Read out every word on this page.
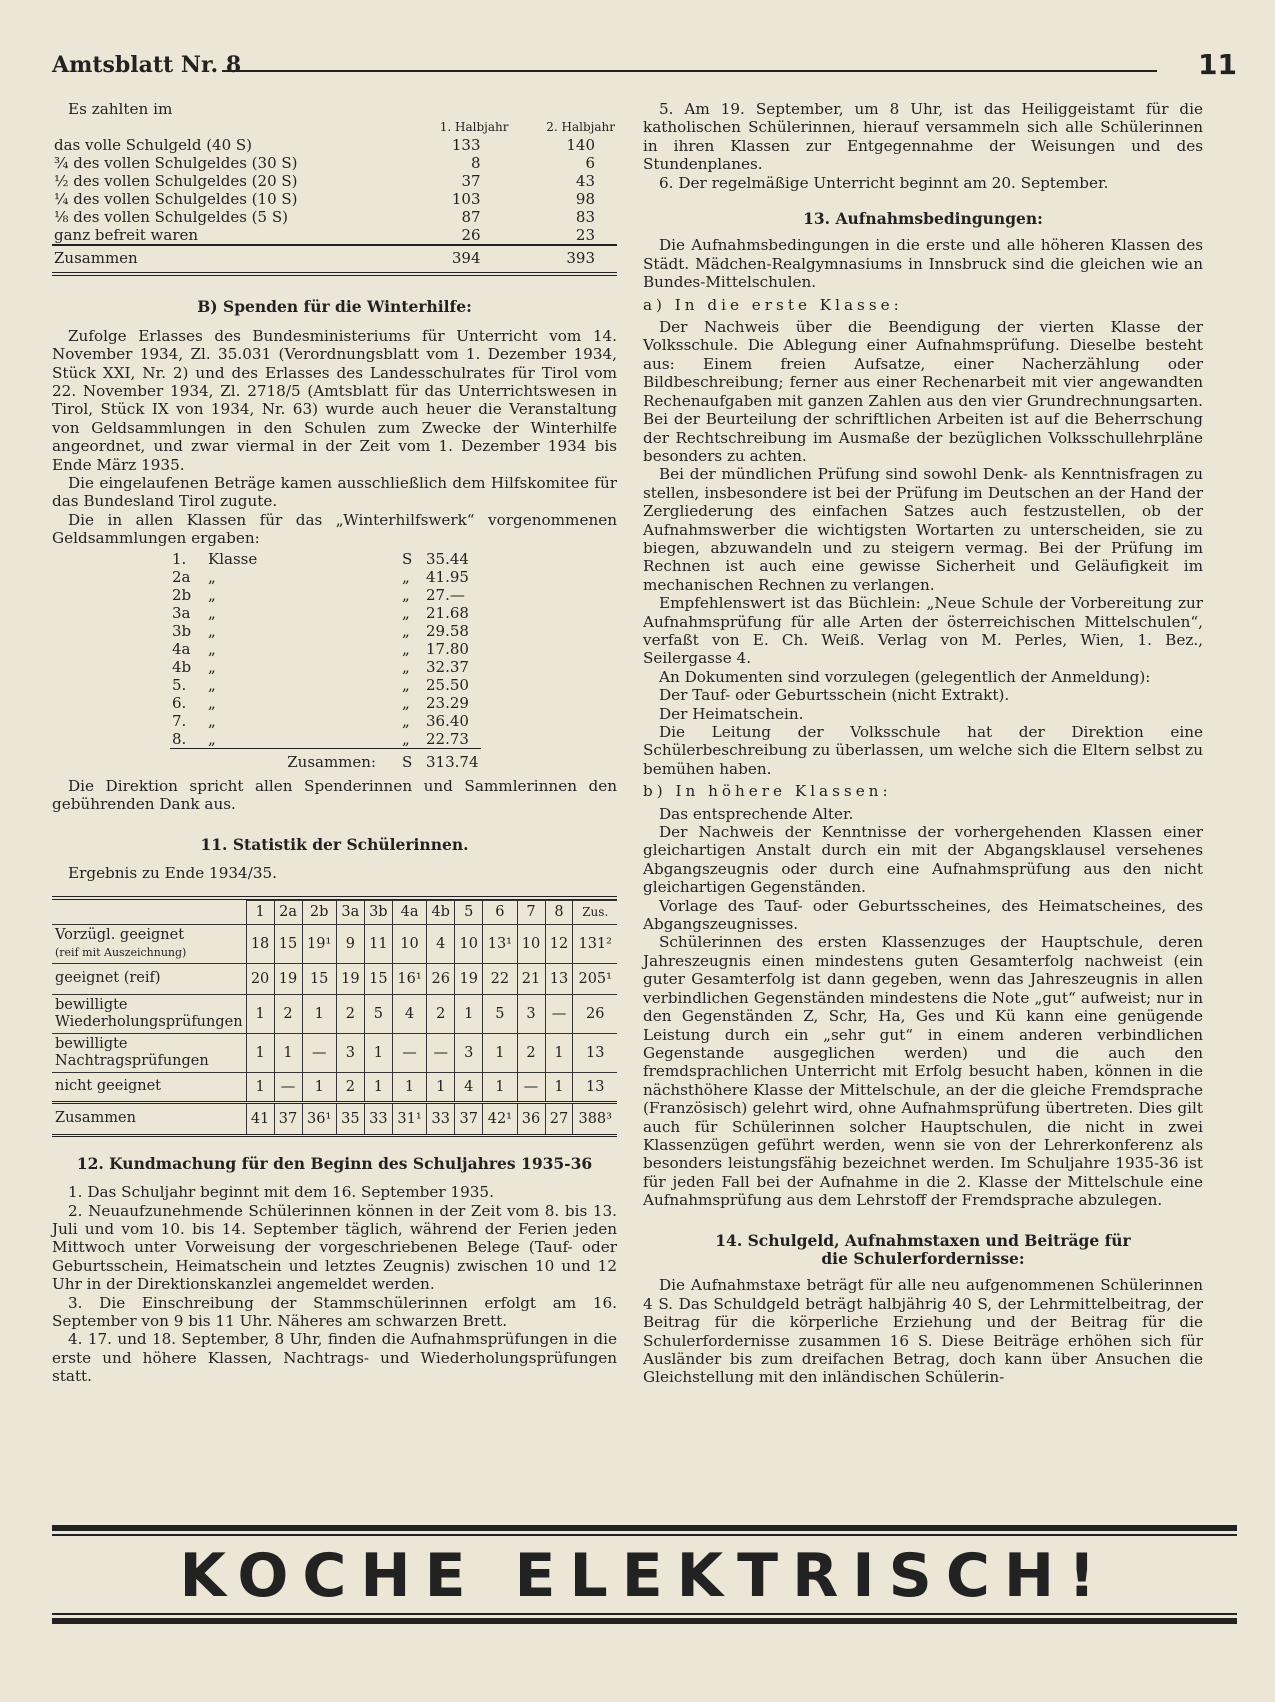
Amtsblatt Nr. 8	11

Es zahlten im

	1. Halbjahr	2. Halbjahr
das volle Schulgeld (40 S)	133	140
¾ des vollen Schulgeldes (30 S)	8	6
½ des vollen Schulgeldes (20 S)	37	43
¼ des vollen Schulgeldes (10 S)	103	98
⅛ des vollen Schulgeldes (5 S)	87	83
ganz befreit waren	26	23
Zusammen	394	393

B) Spenden für die Winterhilfe:

Zufolge Erlasses des Bundesministeriums für Unterricht vom 14. November 1934, Zl. 35.031 (Verordnungsblatt vom 1. Dezember 1934, Stück XXI, Nr. 2) und des Erlasses des Landesschulrates für Tirol vom 22. November 1934, Zl. 2718/5 (Amtsblatt für das Unterrichtswesen in Tirol, Stück IX von 1934, Nr. 63) wurde auch heuer die Veranstaltung von Geldsammlungen in den Schulen zum Zwecke der Winterhilfe angeordnet, und zwar viermal in der Zeit vom 1. Dezember 1934 bis Ende März 1935.

Die eingelaufenen Beträge kamen ausschließlich dem Hilfskomitee für das Bundesland Tirol zugute.

Die in allen Klassen für das „Winterhilfswerk“ vorgenommenen Geldsammlungen ergaben:

1.	Klasse	S	35.44
2a	„	„	41.95
2b	„	„	27.—
3a	„	„	21.68
3b	„	„	29.58
4a	„	„	17.80
4b	„	„	32.37
5.	„	„	25.50
6.	„	„	23.29
7.	„	„	36.40
8.	„	„	22.73
	Zusammen:	S	313.74

Die Direktion spricht allen Spenderinnen und Sammlerinnen den gebührenden Dank aus.

11. Statistik der Schülerinnen.

Ergebnis zu Ende 1934/35.

	1	2a	2b	3a	3b	4a	4b	5	6	7	8	Zus.
Vorzügl. geeignet
(reif mit Auszeichnung)	18	15	19¹	9	11	10	4	10	13¹	10	12	131²
geeignet (reif)	20	19	15	19	15	16¹	26	19	22	21	13	205¹
bewilligte Wiederholungsprüfungen	1	2	1	2	5	4	2	1	5	3	—	26
bewilligte Nachtragsprüfungen	1	1	—	3	1	—	—	3	1	2	1	13
nicht geeignet	1	—	1	2	1	1	1	4	1	—	1	13
Zusammen	41	37	36¹	35	33	31¹	33	37	42¹	36	27	388³

12. Kundmachung für den Beginn des Schuljahres 1935-36

1. Das Schuljahr beginnt mit dem 16. September 1935.

2. Neuaufzunehmende Schülerinnen können in der Zeit vom 8. bis 13. Juli und vom 10. bis 14. September täglich, während der Ferien jeden Mittwoch unter Vorweisung der vorgeschriebenen Belege (Tauf- oder Geburtsschein, Heimatschein und letztes Zeugnis) zwischen 10 und 12 Uhr in der Direktionskanzlei angemeldet werden.

3. Die Einschreibung der Stammschülerinnen erfolgt am 16. September von 9 bis 11 Uhr. Näheres am schwarzen Brett.

4. 17. und 18. September, 8 Uhr, finden die Aufnahmsprüfungen in die erste und höhere Klassen, Nachtrags- und Wiederholungsprüfungen statt.

5. Am 19. September, um 8 Uhr, ist das Heiliggeistamt für die katholischen Schülerinnen, hierauf versammeln sich alle Schülerinnen in ihren Klassen zur Entgegennahme der Weisungen und des Stundenplanes.

6. Der regelmäßige Unterricht beginnt am 20. September.

13. Aufnahmsbedingungen:

Die Aufnahmsbedingungen in die erste und alle höheren Klassen des Städt. Mädchen-Realgymnasiums in Innsbruck sind die gleichen wie an Bundes-Mittelschulen.

a) In die erste Klasse:

Der Nachweis über die Beendigung der vierten Klasse der Volksschule. Die Ablegung einer Aufnahmsprüfung. Dieselbe besteht aus: Einem freien Aufsatze, einer Nacherzählung oder Bildbeschreibung; ferner aus einer Rechenarbeit mit vier angewandten Rechenaufgaben mit ganzen Zahlen aus den vier Grundrechnungsarten. Bei der Beurteilung der schriftlichen Arbeiten ist auf die Beherrschung der Rechtschreibung im Ausmaße der bezüglichen Volksschullehrpläne besonders zu achten.

Bei der mündlichen Prüfung sind sowohl Denk- als Kenntnisfragen zu stellen, insbesondere ist bei der Prüfung im Deutschen an der Hand der Zergliederung des einfachen Satzes auch festzustellen, ob der Aufnahmswerber die wichtigsten Wortarten zu unterscheiden, sie zu biegen, abzuwandeln und zu steigern vermag. Bei der Prüfung im Rechnen ist auch eine gewisse Sicherheit und Geläufigkeit im mechanischen Rechnen zu verlangen.

Empfehlenswert ist das Büchlein: „Neue Schule der Vorbereitung zur Aufnahmsprüfung für alle Arten der österreichischen Mittelschulen“, verfaßt von E. Ch. Weiß. Verlag von M. Perles, Wien, 1. Bez., Seilergasse 4.

An Dokumenten sind vorzulegen (gelegentlich der Anmeldung):

Der Tauf- oder Geburtsschein (nicht Extrakt).

Der Heimatschein.

Die Leitung der Volksschule hat der Direktion eine Schülerbeschreibung zu überlassen, um welche sich die Eltern selbst zu bemühen haben.

b) In höhere Klassen:

Das entsprechende Alter.

Der Nachweis der Kenntnisse der vorhergehenden Klassen einer gleichartigen Anstalt durch ein mit der Abgangsklausel versehenes Abgangszeugnis oder durch eine Aufnahmsprüfung aus den nicht gleichartigen Gegenständen.

Vorlage des Tauf- oder Geburtsscheines, des Heimatscheines, des Abgangszeugnisses.

Schülerinnen des ersten Klassenzuges der Hauptschule, deren Jahreszeugnis einen mindestens guten Gesamterfolg nachweist (ein guter Gesamterfolg ist dann gegeben, wenn das Jahreszeugnis in allen verbindlichen Gegenständen mindestens die Note „gut“ aufweist; nur in den Gegenständen Z, Schr, Ha, Ges und Kü kann eine genügende Leistung durch ein „sehr gut“ in einem anderen verbindlichen Gegenstande ausgeglichen werden) und die auch den fremdsprachlichen Unterricht mit Erfolg besucht haben, können in die nächsthöhere Klasse der Mittelschule, an der die gleiche Fremdsprache (Französisch) gelehrt wird, ohne Aufnahmsprüfung übertreten. Dies gilt auch für Schülerinnen solcher Hauptschulen, die nicht in zwei Klassenzügen geführt werden, wenn sie von der Lehrerkonferenz als besonders leistungsfähig bezeichnet werden. Im Schuljahre 1935-36 ist für jeden Fall bei der Aufnahme in die 2. Klasse der Mittelschule eine Aufnahmsprüfung aus dem Lehrstoff der Fremdsprache abzulegen.

14. Schulgeld, Aufnahmstaxen und Beiträge für die Schulerfordernisse:

Die Aufnahmstaxe beträgt für alle neu aufgenommenen Schülerinnen 4 S. Das Schuldgeld beträgt halbjährig 40 S, der Lehrmittelbeitrag, der Beitrag für die körperliche Erziehung und der Beitrag für die Schulerfordernisse zusammen 16 S. Diese Beiträge erhöhen sich für Ausländer bis zum dreifachen Betrag, doch kann über Ansuchen die Gleichstellung mit den inländischen Schülerin-

KOCHE ELEKTRISCH!
